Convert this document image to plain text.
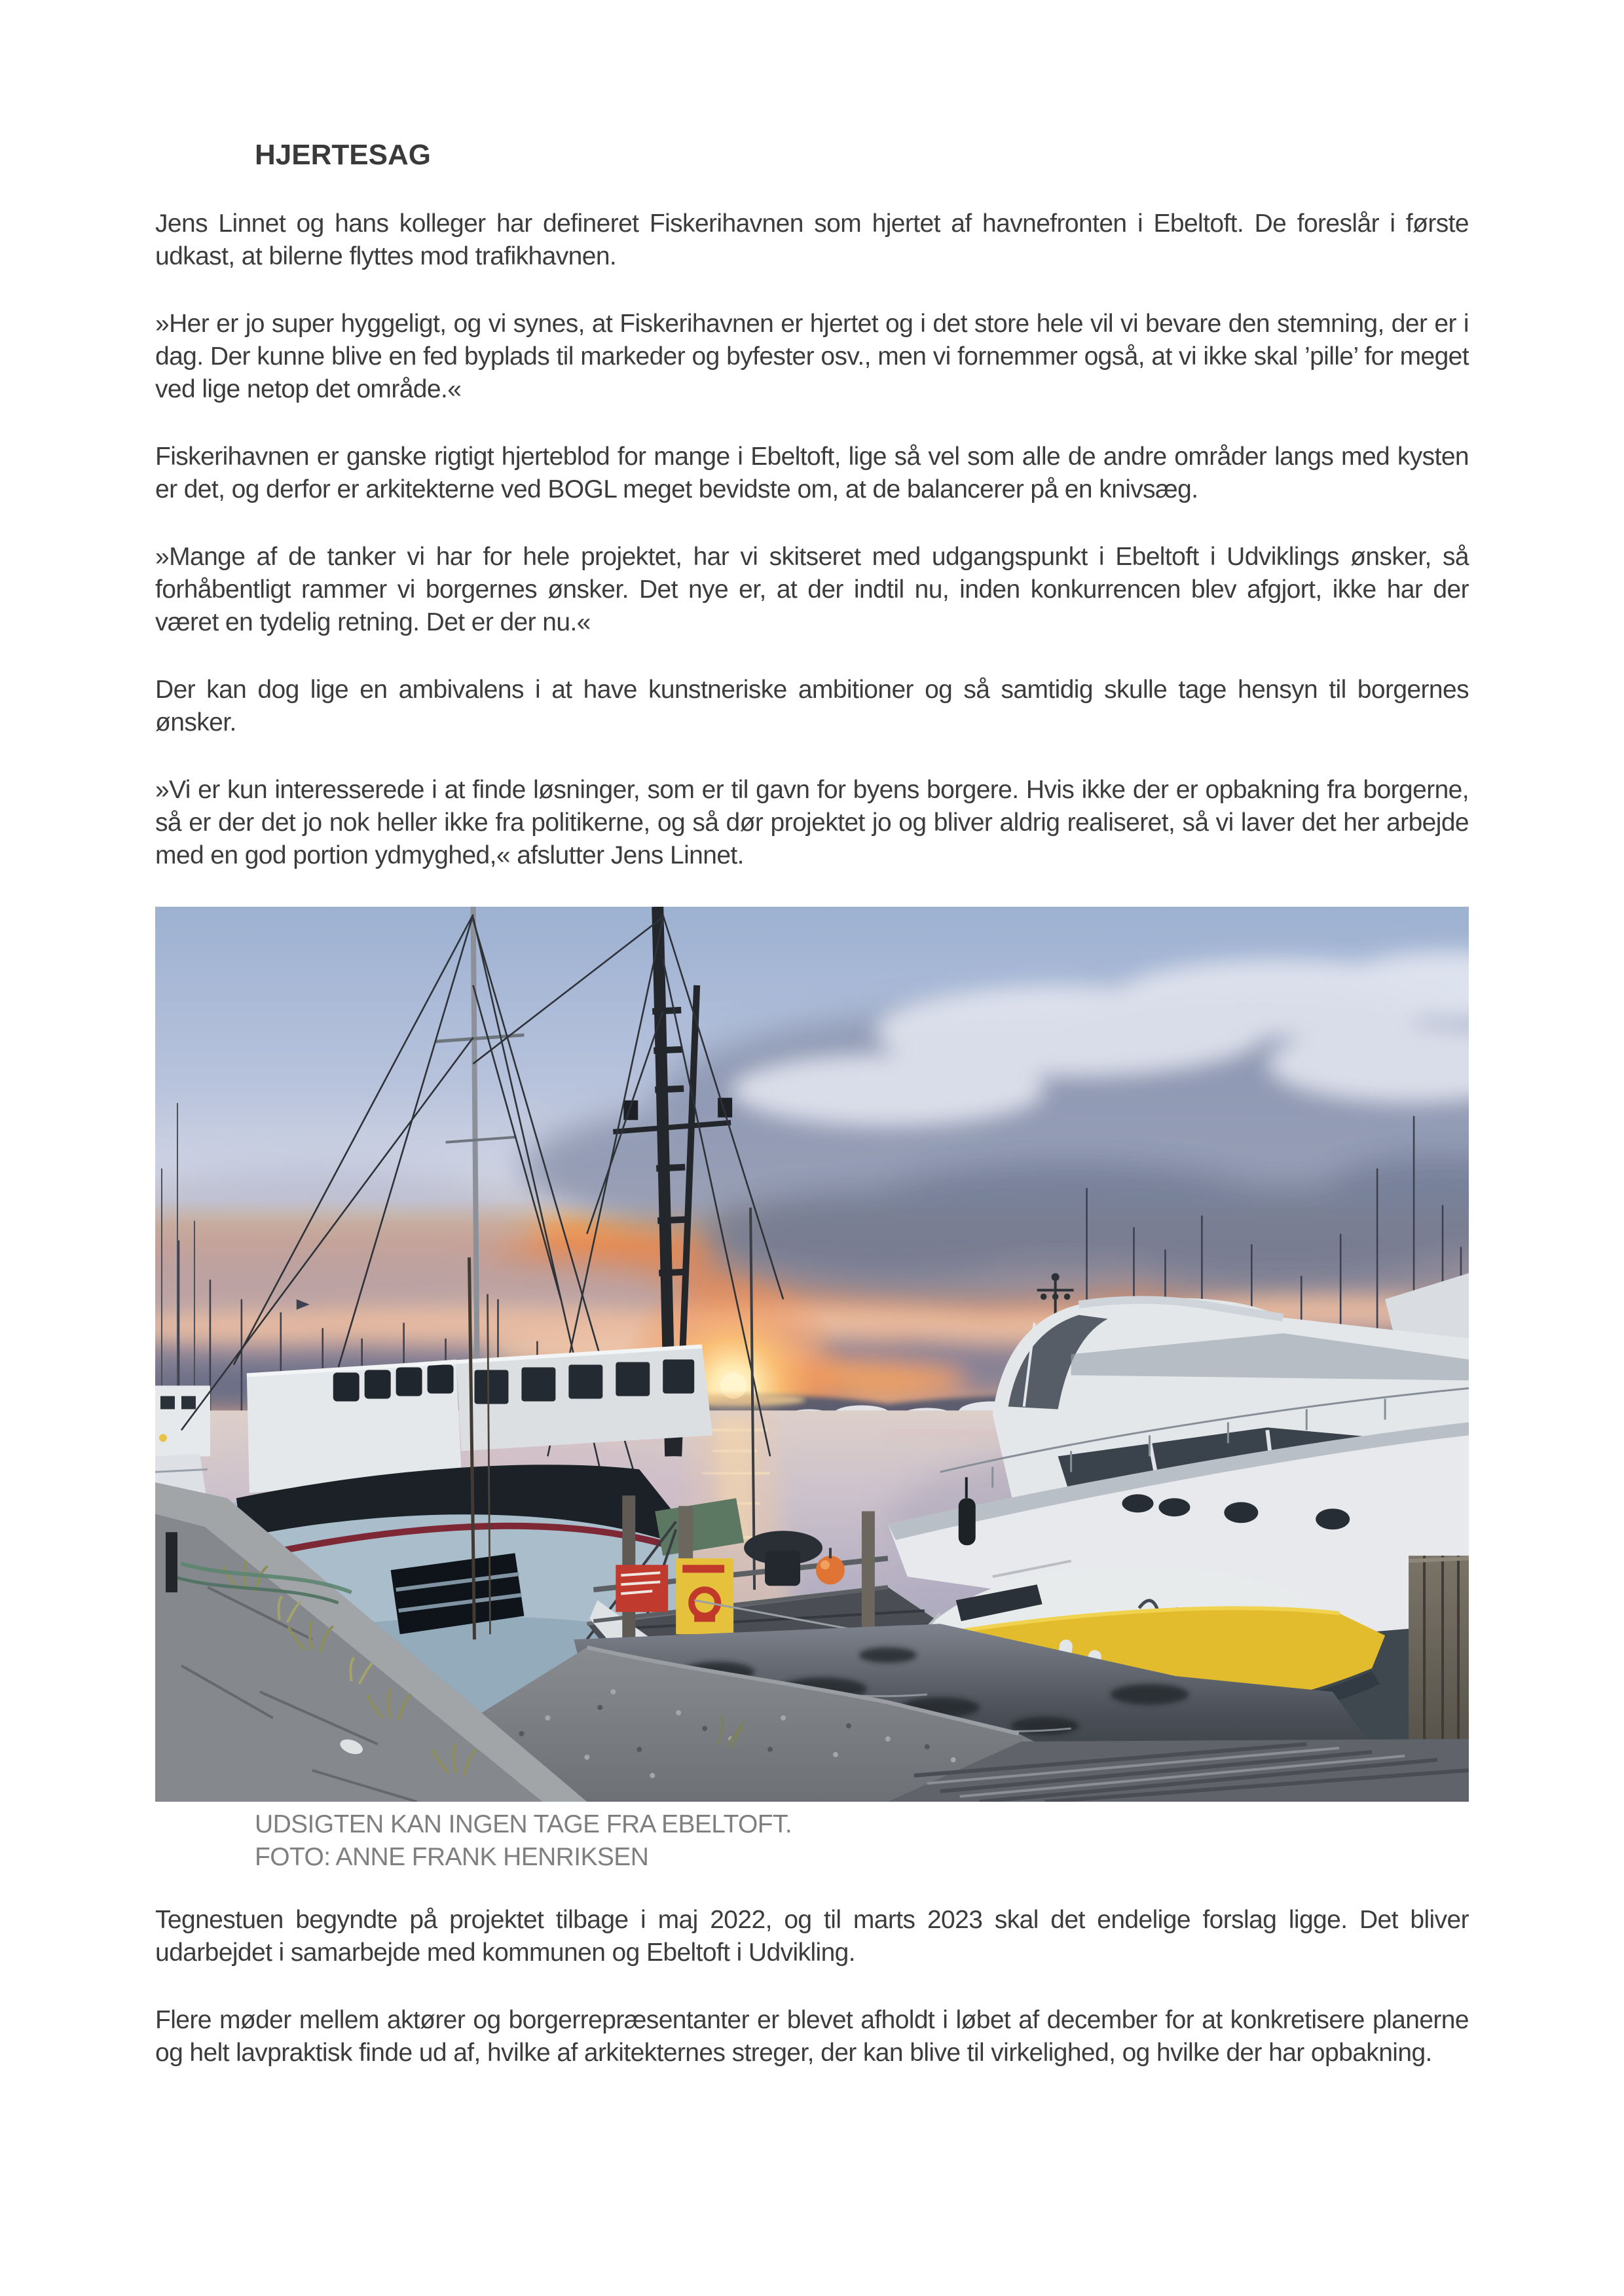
HJERTESAG

Jens Linnet og hans kolleger har defineret Fiskerihavnen som hjertet af havnefronten i Ebeltoft. De foreslår i første udkast, at bilerne flyttes mod trafikhavnen.

»Her er jo super hyggeligt, og vi synes, at Fiskerihavnen er hjertet og i det store hele vil vi bevare den stemning, der er i dag. Der kunne blive en fed byplads til markeder og byfester osv., men vi fornemmer også, at vi ikke skal ’pille’ for meget ved lige netop det område.«

Fiskerihavnen er ganske rigtigt hjerteblod for mange i Ebeltoft, lige så vel som alle de andre områder langs med kysten er det, og derfor er arkitekterne ved BOGL meget bevidste om, at de balancerer på en knivsæg.

»Mange af de tanker vi har for hele projektet, har vi skitseret med udgangspunkt i Ebeltoft i Udviklings ønsker, så forhåbentligt rammer vi borgernes ønsker. Det nye er, at der indtil nu, inden konkurrencen blev afgjort, ikke har der været en tydelig retning. Det er der nu.«

Der kan dog lige en ambivalens i at have kunstneriske ambitioner og så samtidig skulle tage hensyn til borgernes ønsker.

»Vi er kun interesserede i at finde løsninger, som er til gavn for byens borgere. Hvis ikke der er opbakning fra borgerne, så er der det jo nok heller ikke fra politikerne, og så dør projektet jo og bliver aldrig realiseret, så vi laver det her arbejde med en god portion ydmyghed,« afslutter Jens Linnet.

UDSIGTEN KAN INGEN TAGE FRA EBELTOFT.
FOTO: ANNE FRANK HENRIKSEN

Tegnestuen begyndte på projektet tilbage i maj 2022, og til marts 2023 skal det endelige forslag ligge. Det bliver udarbejdet i samarbejde med kommunen og Ebeltoft i Udvikling.

Flere møder mellem aktører og borgerrepræsentanter er blevet afholdt i løbet af december for at konkretisere planerne og helt lavpraktisk finde ud af, hvilke af arkitekternes streger, der kan blive til virkelighed, og hvilke der har opbakning.
